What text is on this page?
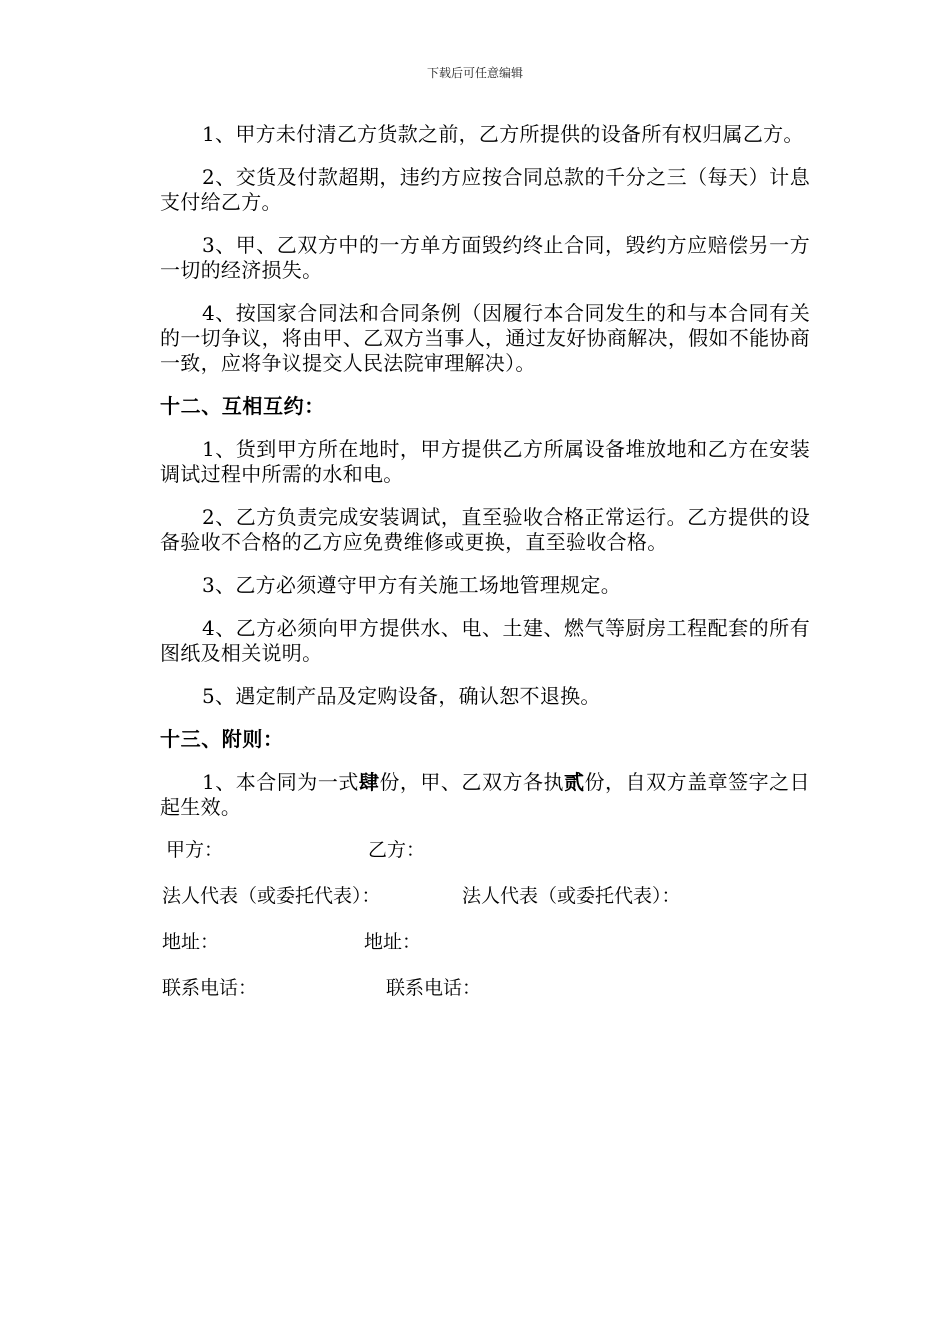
下载后可任意编辑

1、甲方未付清乙方货款之前，乙方所提供的设备所有权归属乙方。

2、交货及付款超期，违约方应按合同总款的千分之三（每天）计息支付给乙方。

3、甲、乙双方中的一方单方面毁约终止合同，毁约方应赔偿另一方一切的经济损失。

4、按国家合同法和合同条例（因履行本合同发生的和与本合同有关的一切争议，将由甲、乙双方当事人，通过友好协商解决，假如不能协商一致，应将争议提交人民法院审理解决）。

十二、互相互约：

1、货到甲方所在地时，甲方提供乙方所属设备堆放地和乙方在安装调试过程中所需的水和电。

2、乙方负责完成安装调试，直至验收合格正常运行。乙方提供的设备验收不合格的乙方应免费维修或更换，直至验收合格。

3、乙方必须遵守甲方有关施工场地管理规定。

4、乙方必须向甲方提供水、电、土建、燃气等厨房工程配套的所有图纸及相关说明。

5、遇定制产品及定购设备，确认恕不退换。

十三、附则：

1、本合同为一式肆份，甲、乙双方各执贰份，自双方盖章签字之日起生效。

甲方：	乙方：
法人代表（或委托代表）：	法人代表（或委托代表）：
地址：	地址：
联系电话：	联系电话：
